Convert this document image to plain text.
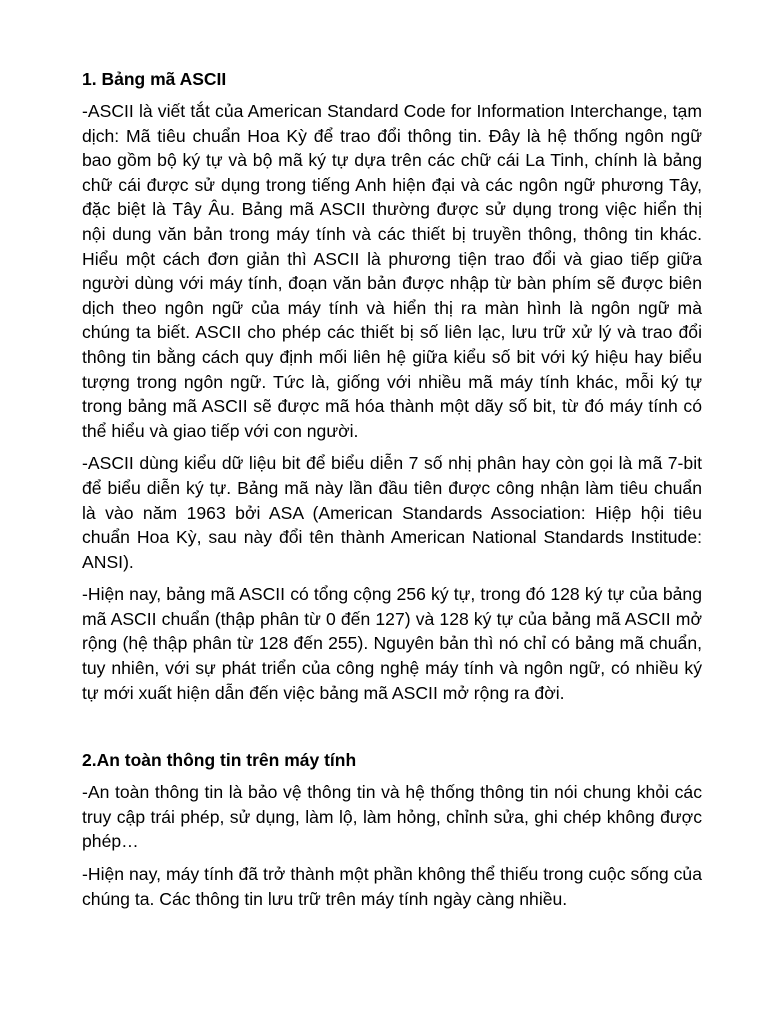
1. Bảng mã ASCII

-ASCII là viết tắt của American Standard Code for Information Interchange, tạm dịch: Mã tiêu chuẩn Hoa Kỳ để trao đổi thông tin. Đây là hệ thống ngôn ngữ bao gồm bộ ký tự và bộ mã ký tự dựa trên các chữ cái La Tinh, chính là bảng chữ cái được sử dụng trong tiếng Anh hiện đại và các ngôn ngữ phương Tây, đặc biệt là Tây Âu. Bảng mã ASCII thường được sử dụng trong việc hiển thị nội dung văn bản trong máy tính và các thiết bị truyền thông, thông tin khác. Hiểu một cách đơn giản thì ASCII là phương tiện trao đổi và giao tiếp giữa người dùng với máy tính, đoạn văn bản được nhập từ bàn phím sẽ được biên dịch theo ngôn ngữ của máy tính và hiển thị ra màn hình là ngôn ngữ mà chúng ta biết. ASCII cho phép các thiết bị số liên lạc, lưu trữ xử lý và trao đổi thông tin bằng cách quy định mối liên hệ giữa kiểu số bit với ký hiệu hay biểu tượng trong ngôn ngữ. Tức là, giống với nhiều mã máy tính khác, mỗi ký tự trong bảng mã ASCII sẽ được mã hóa thành một dãy số bit, từ đó máy tính có thể hiểu và giao tiếp với con người.

-ASCII dùng kiểu dữ liệu bit để biểu diễn 7 số nhị phân hay còn gọi là mã 7-bit để biểu diễn ký tự. Bảng mã này lần đầu tiên được công nhận làm tiêu chuẩn là vào năm 1963 bởi ASA (American Standards Association: Hiệp hội tiêu chuẩn Hoa Kỳ, sau này đổi tên thành American National Standards Institude: ANSI).

-Hiện nay, bảng mã ASCII có tổng cộng 256 ký tự, trong đó 128 ký tự của bảng mã ASCII chuẩn (thập phân từ 0 đến 127) và 128 ký tự của bảng mã ASCII mở rộng (hệ thập phân từ 128 đến 255). Nguyên bản thì nó chỉ có bảng mã chuẩn, tuy nhiên, với sự phát triển của công nghệ máy tính và ngôn ngữ, có nhiều ký tự mới xuất hiện dẫn đến việc bảng mã ASCII mở rộng ra đời.

2.An toàn thông tin trên máy tính

-An toàn thông tin là bảo vệ thông tin và hệ thống thông tin nói chung khỏi các truy cập trái phép, sử dụng, làm lộ, làm hỏng, chỉnh sửa, ghi chép không được phép…

-Hiện nay, máy tính đã trở thành một phần không thể thiếu trong cuộc sống của chúng ta. Các thông tin lưu trữ trên máy tính ngày càng nhiều.
